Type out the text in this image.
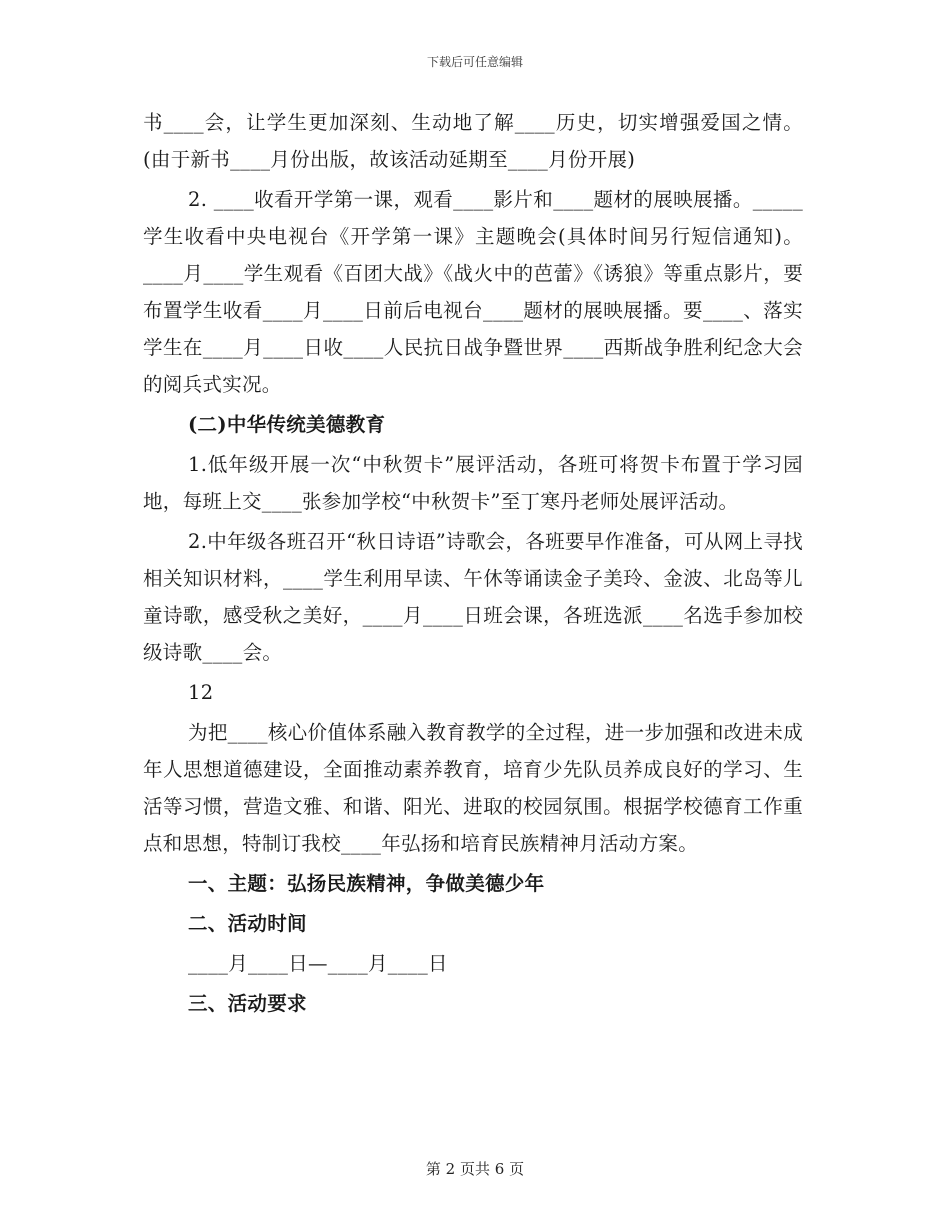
下载后可任意编辑

书____会，让学生更加深刻、生动地了解____历史，切实增强爱国之情。(由于新书____月份出版，故该活动延期至____月份开展)

2. ____收看开学第一课，观看____影片和____题材的展映展播。_____学生收看中央电视台《开学第一课》主题晚会(具体时间另行短信通知)。____月____学生观看《百团大战》《战火中的芭蕾》《诱狼》等重点影片，要布置学生收看____月____日前后电视台____题材的展映展播。要____、落实学生在____月____日收____人民抗日战争暨世界____西斯战争胜利纪念大会的阅兵式实况。

(二)中华传统美德教育

1.低年级开展一次“中秋贺卡”展评活动，各班可将贺卡布置于学习园地，每班上交____张参加学校“中秋贺卡”至丁寒丹老师处展评活动。

2.中年级各班召开“秋日诗语”诗歌会，各班要早作准备，可从网上寻找相关知识材料，____学生利用早读、午休等诵读金子美玲、金波、北岛等儿童诗歌，感受秋之美好，____月____日班会课，各班选派____名选手参加校级诗歌____会。

12

为把____核心价值体系融入教育教学的全过程，进一步加强和改进未成年人思想道德建设，全面推动素养教育，培育少先队员养成良好的学习、生活等习惯，营造文雅、和谐、阳光、进取的校园氛围。根据学校德育工作重点和思想，特制订我校____年弘扬和培育民族精神月活动方案。

一、主题：弘扬民族精神，争做美德少年

二、活动时间

____月____日—____月____日

三、活动要求

第 2 页共 6 页
